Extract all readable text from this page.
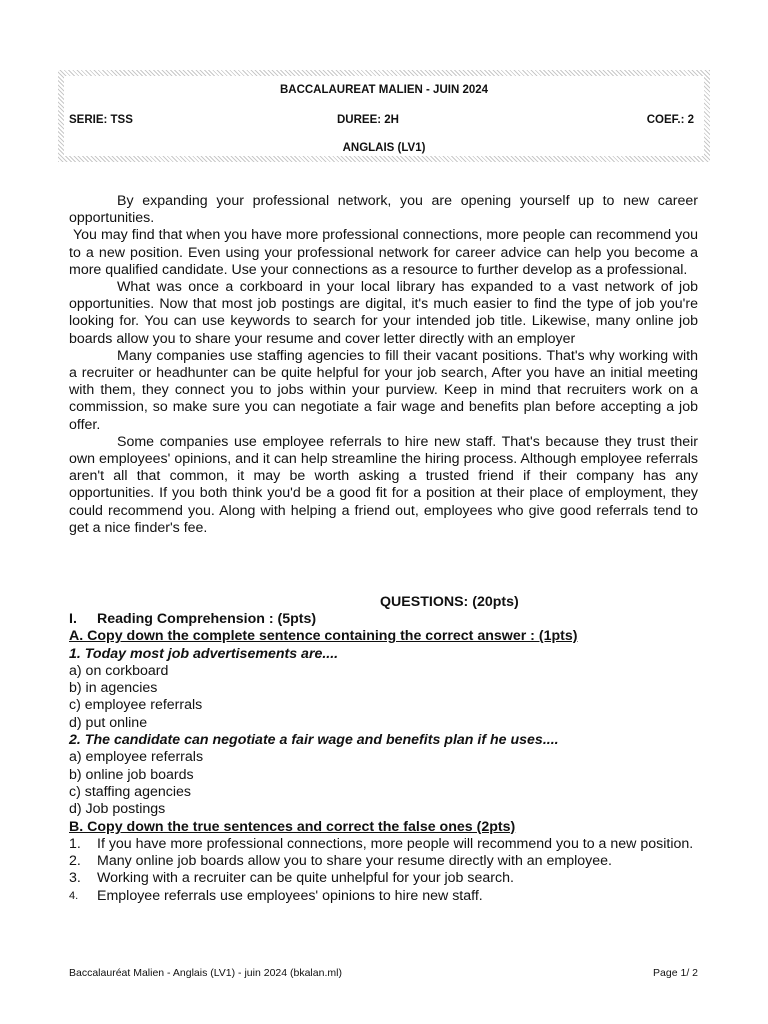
BACCALAUREAT MALIEN - JUIN 2024
SERIE: TSS	DUREE: 2H	COEF.: 2
ANGLAIS (LV1)

By expanding your professional network, you are opening yourself up to new career opportunities.

You may find that when you have more professional connections, more people can recommend you to a new position. Even using your professional network for career advice can help you become a more qualified candidate. Use your connections as a resource to further develop as a professional.

What was once a corkboard in your local library has expanded to a vast network of job opportunities. Now that most job postings are digital, it's much easier to find the type of job you're looking for. You can use keywords to search for your intended job title. Likewise, many online job boards allow you to share your resume and cover letter directly with an employer

Many companies use staffing agencies to fill their vacant positions. That's why working with a recruiter or headhunter can be quite helpful for your job search, After you have an initial meeting with them, they connect you to jobs within your purview. Keep in mind that recruiters work on a commission, so make sure you can negotiate a fair wage and benefits plan before accepting a job offer.

Some companies use employee referrals to hire new staff. That's because they trust their own employees' opinions, and it can help streamline the hiring process. Although employee referrals aren't all that common, it may be worth asking a trusted friend if their company has any opportunities. If you both think you'd be a good fit for a position at their place of employment, they could recommend you. Along with helping a friend out, employees who give good referrals tend to get a nice finder's fee.

QUESTIONS: (20pts)
I. Reading Comprehension : (5pts)
A. Copy down the complete sentence containing the correct answer : (1pts)
1. Today most job advertisements are....
a) on corkboard
b) in agencies
c) employee referrals
d) put online
2. The candidate can negotiate a fair wage and benefits plan if he uses....
a) employee referrals
b) online job boards
c) staffing agencies
d) Job postings
B. Copy down the true sentences and correct the false ones (2pts)
1. If you have more professional connections, more people will recommend you to a new position.
2. Many online job boards allow you to share your resume directly with an employee.
3. Working with a recruiter can be quite unhelpful for your job search.
4. Employee referrals use employees' opinions to hire new staff.
Baccalauréat Malien - Anglais (LV1) - juin 2024 (bkalan.ml)	Page 1/ 2
